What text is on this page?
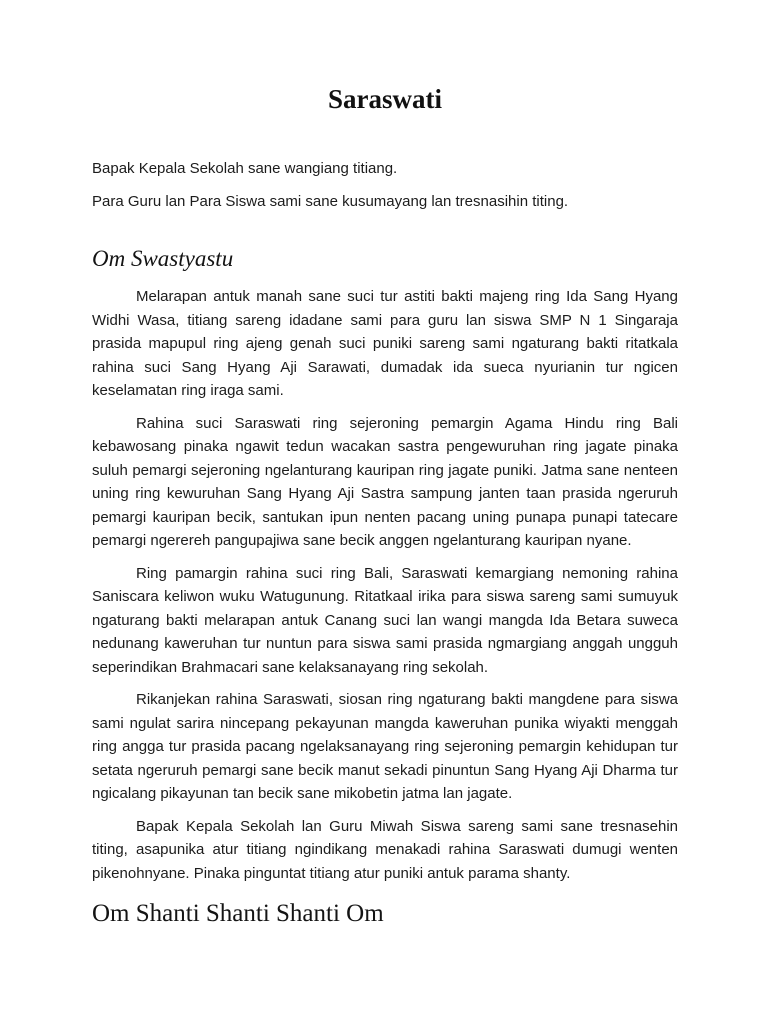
Saraswati

Bapak Kepala Sekolah sane wangiang titiang.

Para Guru lan Para Siswa sami sane kusumayang lan tresnasihin titing.

Om Swastyastu

Melarapan antuk manah sane suci tur astiti bakti majeng ring Ida Sang Hyang Widhi Wasa, titiang sareng idadane sami para guru lan siswa SMP N 1 Singaraja prasida mapupul ring ajeng genah suci puniki sareng sami ngaturang bakti ritatkala rahina suci Sang Hyang Aji Sarawati, dumadak ida sueca nyurianin tur ngicen keselamatan ring iraga sami.

Rahina suci Saraswati ring sejeroning pemargin Agama Hindu ring Bali kebawosang pinaka ngawit tedun wacakan sastra pengewuruhan ring jagate pinaka suluh pemargi sejeroning ngelanturang kauripan ring jagate puniki. Jatma sane nenteen uning ring kewuruhan Sang Hyang Aji Sastra sampung janten taan prasida ngeruruh pemargi kauripan becik, santukan ipun nenten pacang uning punapa punapi tatecare pemargi ngerereh pangupajiwa sane becik anggen ngelanturang kauripan nyane.

Ring pamargin rahina suci ring Bali, Saraswati kemargiang nemoning rahina Saniscara keliwon wuku Watugunung. Ritatkaal irika para siswa sareng sami sumuyuk ngaturang bakti melarapan antuk Canang suci lan wangi mangda Ida Betara suweca nedunang kaweruhan tur nuntun para siswa sami prasida ngmargiang anggah ungguh seperindikan Brahmacari sane kelaksanayang ring sekolah.

Rikanjekan rahina Saraswati, siosan ring ngaturang bakti mangdene para siswa sami ngulat sarira nincepang pekayunan mangda kaweruhan punika wiyakti menggah ring angga tur prasida pacang ngelaksanayang ring sejeroning pemargin kehidupan tur setata ngeruruh pemargi sane becik manut sekadi pinuntun Sang Hyang Aji Dharma tur ngicalang pikayunan tan becik sane mikobetin jatma lan jagate.

Bapak Kepala Sekolah lan Guru Miwah Siswa sareng sami sane tresnasehin titing, asapunika atur titiang ngindikang menakadi rahina Saraswati dumugi wenten pikenohnyane. Pinaka pinguntat titiang atur puniki antuk parama shanty.

Om Shanti Shanti Shanti Om
